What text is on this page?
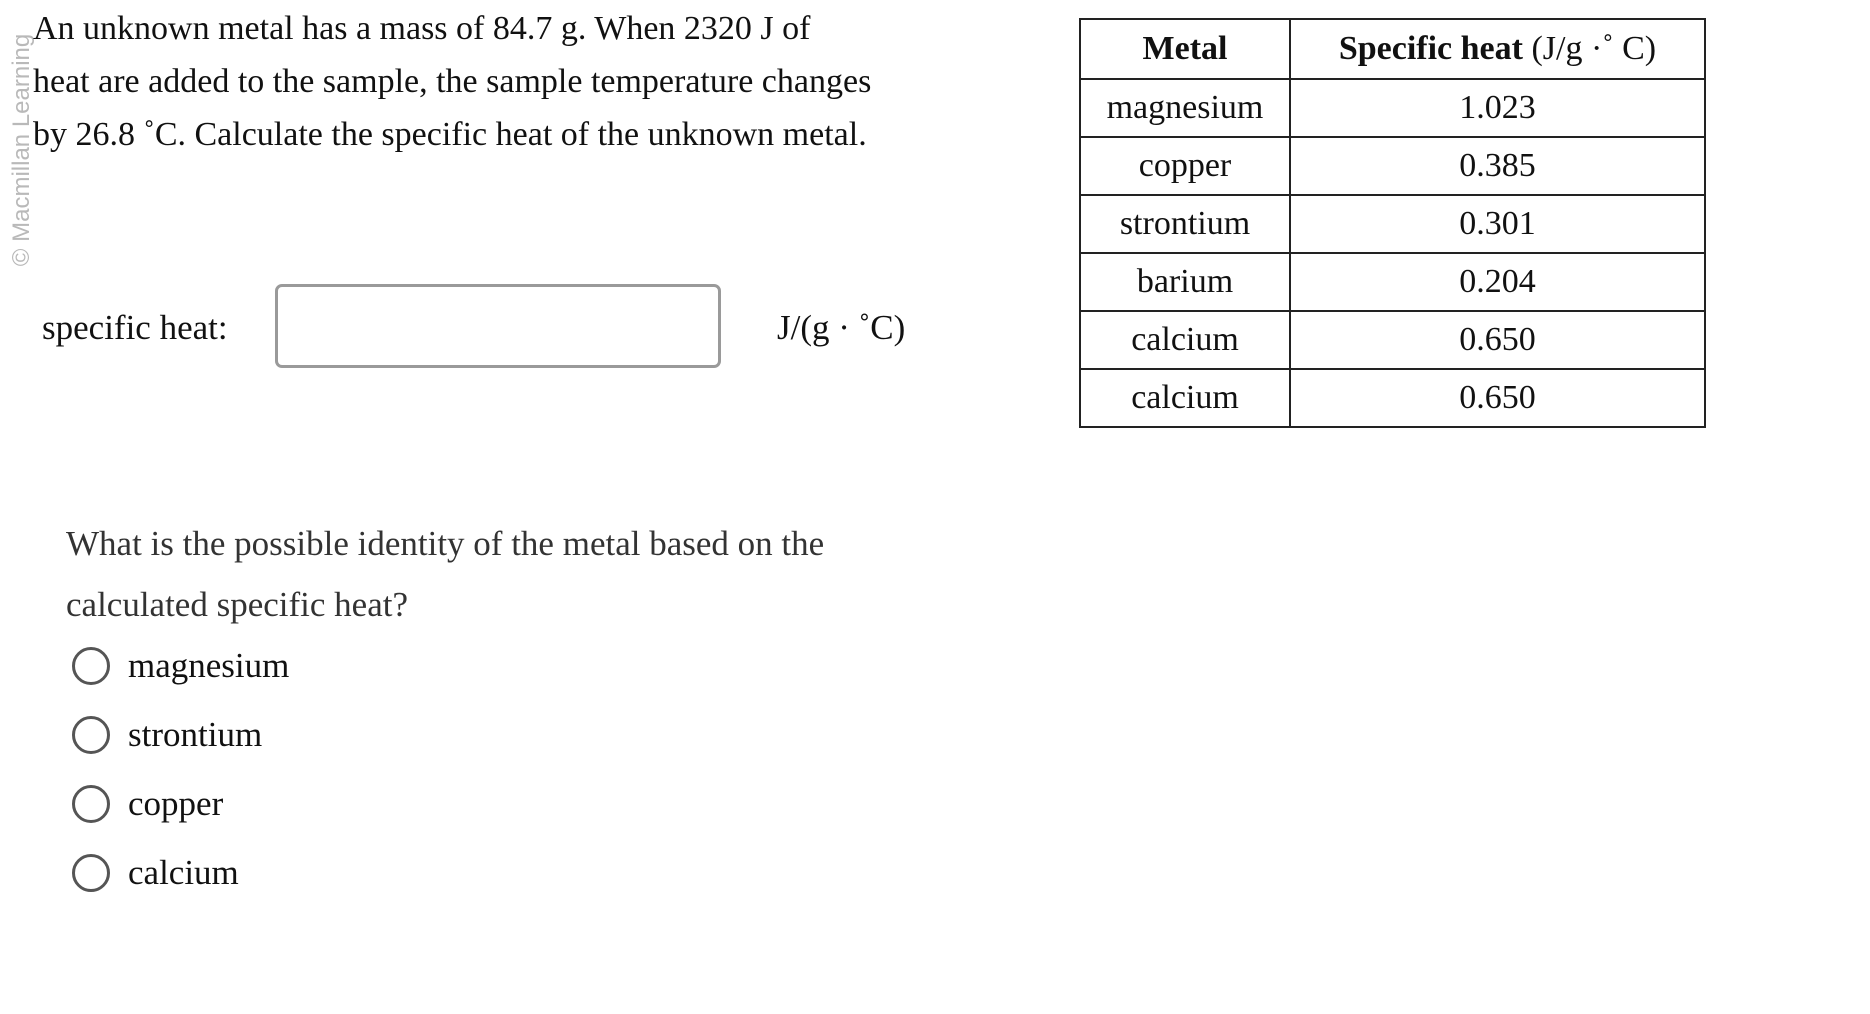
© Macmillan Learning
An unknown metal has a mass of 84.7 g. When 2320 J of
heat are added to the sample, the sample temperature changes
by 26.8 ˚C. Calculate the specific heat of the unknown metal.
specific heat:	J/(g · ˚C)
Metal	Specific heat (J/g ·˚ C)
magnesium	1.023
copper	0.385
strontium	0.301
barium	0.204
calcium	0.650
calcium	0.650
What is the possible identity of the metal based on the
calculated specific heat?
magnesium
strontium
copper
calcium
